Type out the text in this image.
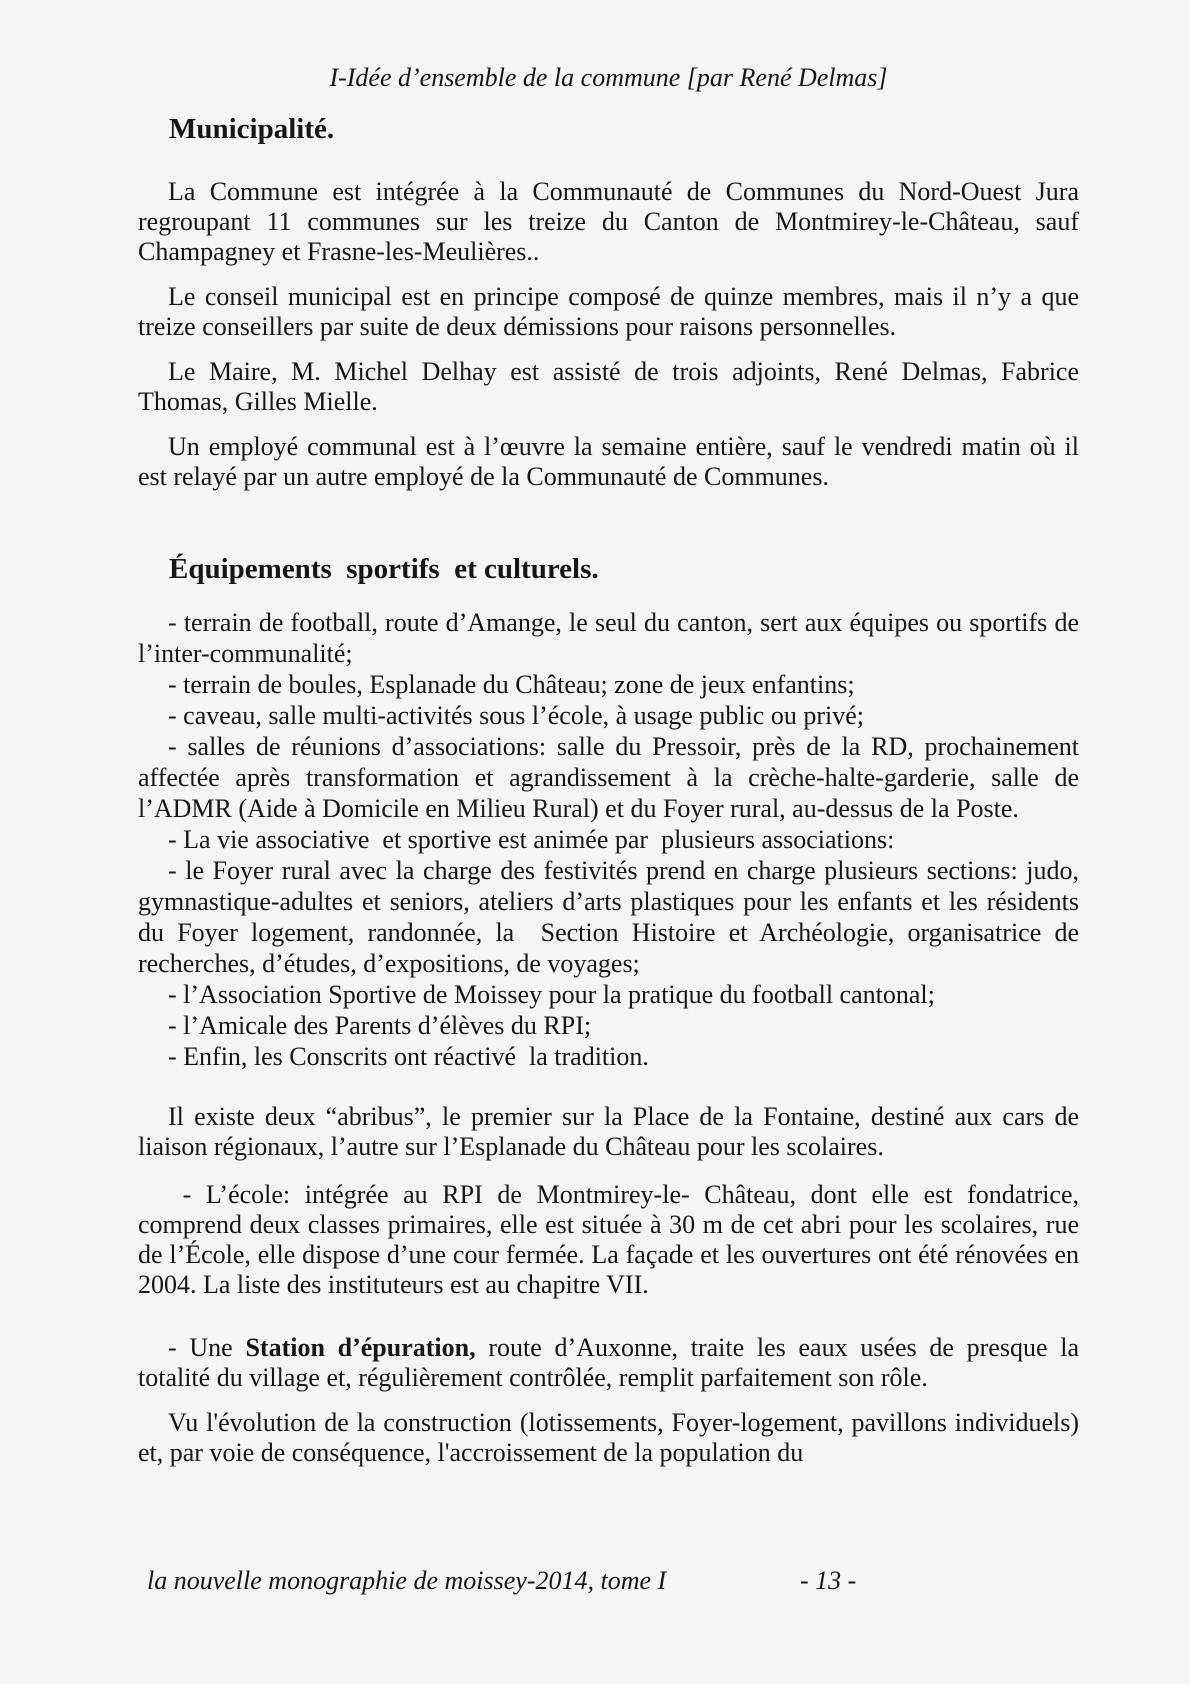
I-Idée d’ensemble de la commune [par René Delmas]
Municipalité.

La Commune est intégrée à la Communauté de Communes du Nord-Ouest Jura regroupant 11 communes sur les treize du Canton de Montmirey-le-Château, sauf Champagney et Frasne-les-Meulières..

Le conseil municipal est en principe composé de quinze membres, mais il n’y a que treize conseillers par suite de deux démissions pour raisons personnelles.

Le Maire, M. Michel Delhay est assisté de trois adjoints, René Delmas, Fabrice Thomas, Gilles Mielle.

Un employé communal est à l’œuvre la semaine entière, sauf le vendredi matin où il est relayé par un autre employé de la Communauté de Communes.

Équipements  sportifs  et culturels.

- terrain de football, route d’Amange, le seul du canton, sert aux équipes ou sportifs de l’inter-communalité;

- terrain de boules, Esplanade du Château; zone de jeux enfantins;

- caveau, salle multi-activités sous l’école, à usage public ou privé;

- salles de réunions d’associations: salle du Pressoir, près de la RD, prochainement affectée après transformation et agrandissement à la crèche-halte-garderie, salle de l’ADMR (Aide à Domicile en Milieu Rural) et du Foyer rural, au-dessus de la Poste.

- La vie associative  et sportive est animée par  plusieurs associations:

- le Foyer rural avec la charge des festivités prend en charge plusieurs sections: judo, gymnastique-adultes et seniors, ateliers d’arts plastiques pour les enfants et les résidents du Foyer logement, randonnée, la  Section Histoire et Archéologie, organisatrice de recherches, d’études, d’expositions, de voyages;

- l’Association Sportive de Moissey pour la pratique du football cantonal;

- l’Amicale des Parents d’élèves du RPI;

- Enfin, les Conscrits ont réactivé  la tradition.

Il existe deux “abribus”, le premier sur la Place de la Fontaine, destiné aux cars de liaison régionaux, l’autre sur l’Esplanade du Château pour les scolaires.

- L’école: intégrée au RPI de Montmirey-le- Château, dont elle est fondatrice, comprend deux classes primaires, elle est située à 30 m de cet abri pour les scolaires, rue de l’École, elle dispose d’une cour fermée. La façade et les ouvertures ont été rénovées en 2004. La liste des instituteurs est au chapitre VII.

- Une Station d’épuration, route d’Auxonne, traite les eaux usées de presque la totalité du village et, régulièrement contrôlée, remplit parfaitement son rôle.

Vu l'évolution de la construction (lotissements, Foyer-logement, pavillons individuels) et, par voie de conséquence, l'accroissement de la population du

la nouvelle monographie de moissey-2014, tome I	- 13 -
